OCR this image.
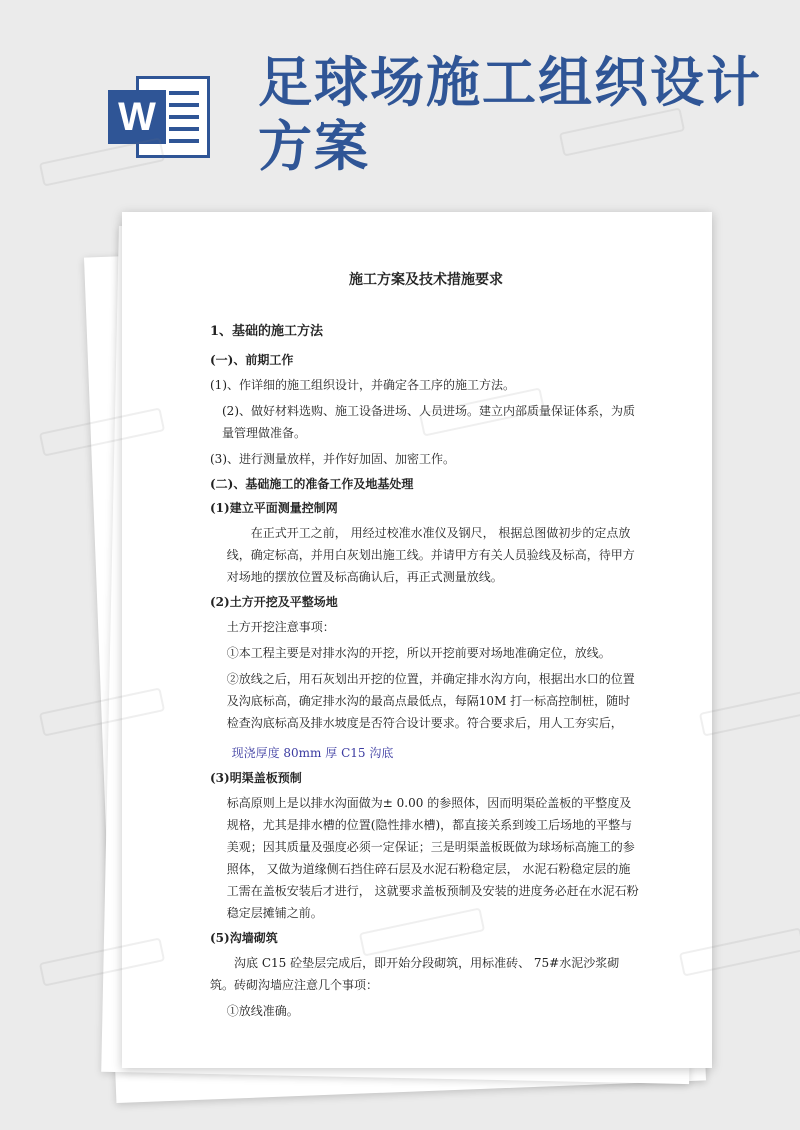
W
足球场施工组织设计方案
施工方案及技术措施要求
1、基础的施工方法
(一)、前期工作
(1)、作详细的施工组织设计，并确定各工序的施工方法。
(2)、做好材料选购、施工设备进场、人员进场。建立内部质量保证体系，为质量管理做准备。
(3)、进行测量放样，并作好加固、加密工作。
(二)、基础施工的准备工作及地基处理
(1)建立平面测量控制网
在正式开工之前， 用经过校准水准仪及钢尺， 根据总图做初步的定点放线，确定标高，并用白灰划出施工线。并请甲方有关人员验线及标高，待甲方对场地的摆放位置及标高确认后，再正式测量放线。
(2)土方开挖及平整场地
土方开挖注意事项：
①本工程主要是对排水沟的开挖，所以开挖前要对场地准确定位，放线。
②放线之后，用石灰划出开挖的位置，并确定排水沟方向，根据出水口的位置及沟底标高，确定排水沟的最高点最低点，每隔10M 打一标高控制桩，随时检查沟底标高及排水坡度是否符合设计要求。符合要求后，用人工夯实后，
现浇厚度 80mm 厚 C15 沟底
(3)明渠盖板预制
标高原则上是以排水沟面做为± 0.00 的参照体，因而明渠砼盖板的平整度及规格，尤其是排水槽的位置(隐性排水槽)，都直接关系到竣工后场地的平整与美观；因其质量及强度必须一定保证；三是明渠盖板既做为球场标高施工的参照体， 又做为道缘侧石挡住碎石层及水泥石粉稳定层， 水泥石粉稳定层的施工需在盖板安装后才进行， 这就要求盖板预制及安装的进度务必赶在水泥石粉稳定层摊铺之前。
(5)沟墙砌筑
沟底 C15 砼垫层完成后，即开始分段砌筑，用标准砖、 75#水泥沙浆砌筑。砖砌沟墙应注意几个事项：
①放线准确。
